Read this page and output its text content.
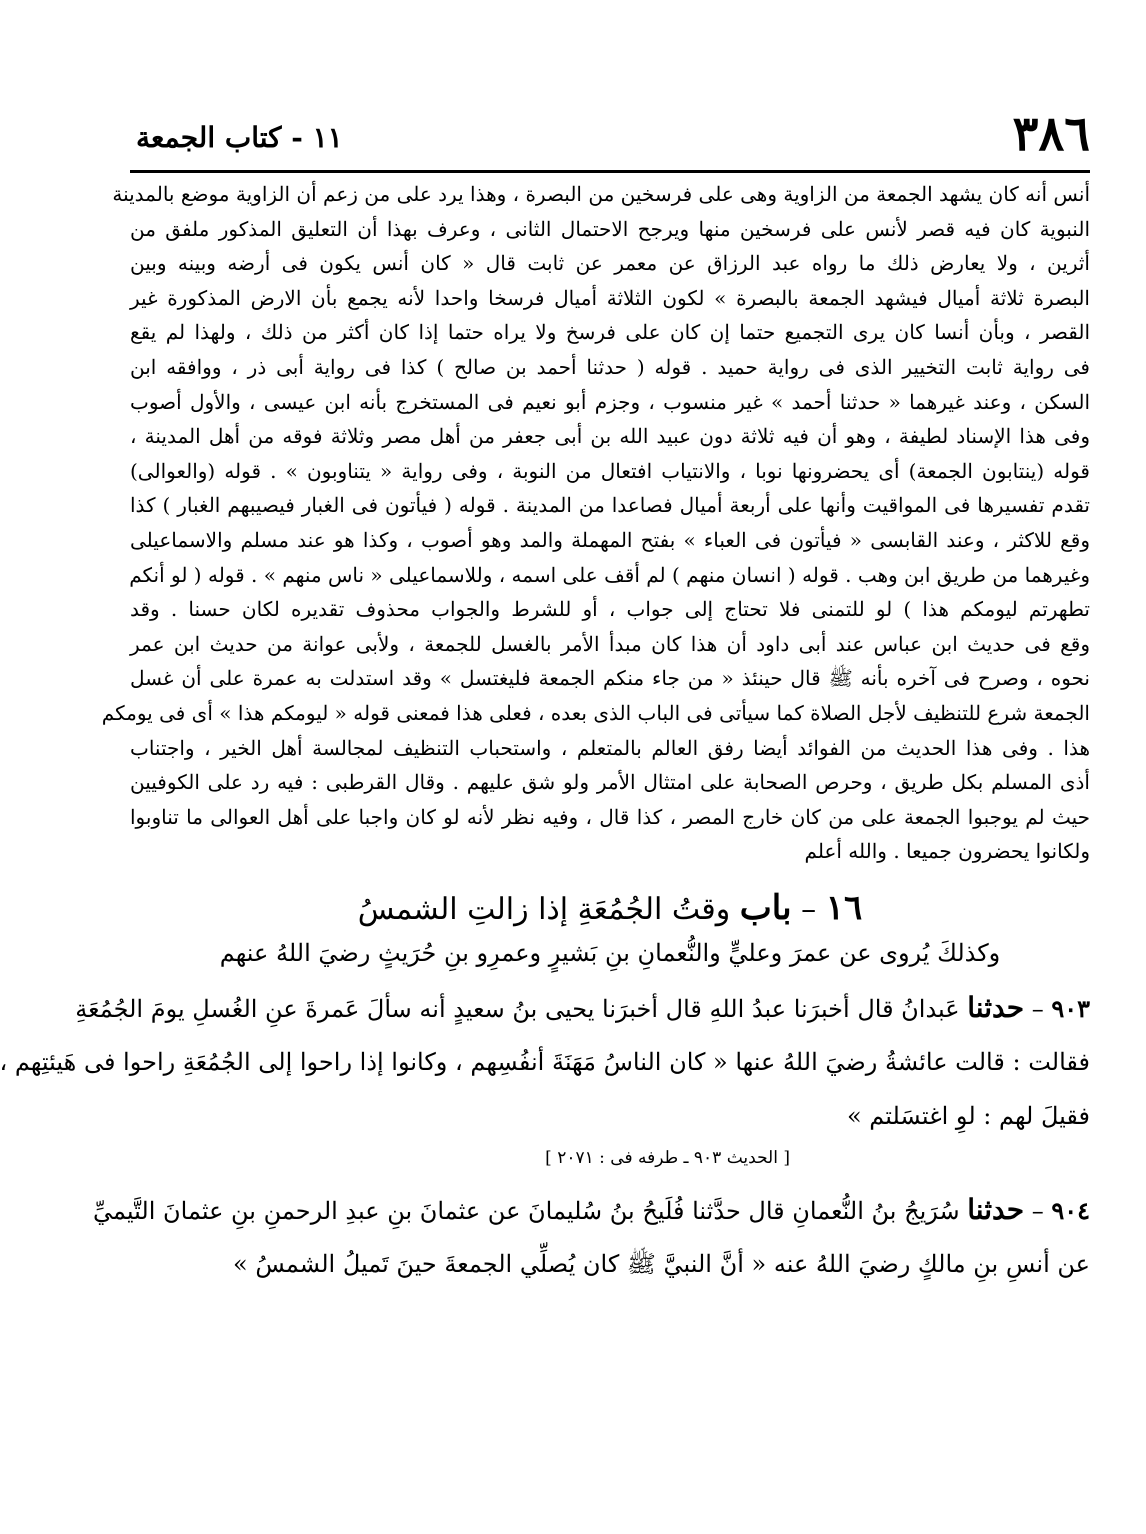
٣٨٦
١١ - كتاب الجمعة
أنس أنه كان يشهد الجمعة من الزاوية وهى على فرسخين من البصرة ، وهذا يرد على من زعم أن الزاوية موضع بالمدينة
النبوية كان فيه قصر لأنس على فرسخين منها ويرجح الاحتمال الثانى ، وعرف بهذا أن التعليق المذكور ملفق من
أثرين ، ولا يعارض ذلك ما رواه عبد الرزاق عن معمر عن ثابت قال « كان أنس يكون فى أرضه وبينه وبين
البصرة ثلاثة أميال فيشهد الجمعة بالبصرة » لكون الثلاثة أميال فرسخا واحدا لأنه يجمع بأن الارض المذكورة غير
القصر ، وبأن أنسا كان يرى التجميع حتما إن كان على فرسخ ولا يراه حتما إذا كان أكثر من ذلك ، ولهذا لم يقع
فى رواية ثابت التخيير الذى فى رواية حميد . قوله ( حدثنا أحمد بن صالح ) كذا فى رواية أبى ذر ، ووافقه ابن
السكن ، وعند غيرهما « حدثنا أحمد » غير منسوب ، وجزم أبو نعيم فى المستخرج بأنه ابن عيسى ، والأول أصوب
وفى هذا الإسناد لطيفة ، وهو أن فيه ثلاثة دون عبيد الله بن أبى جعفر من أهل مصر وثلاثة فوقه من أهل المدينة ،
قوله (ينتابون الجمعة) أى يحضرونها نوبا ، والانتياب افتعال من النوبة ، وفى رواية « يتناوبون » . قوله (والعوالى)
تقدم تفسيرها فى المواقيت وأنها على أربعة أميال فصاعدا من المدينة . قوله ( فيأتون فى الغبار فيصيبهم الغبار ) كذا
وقع للاكثر ، وعند القابسى « فيأتون فى العباء » بفتح المهملة والمد وهو أصوب ، وكذا هو عند مسلم والاسماعيلى
وغيرهما من طريق ابن وهب . قوله ( انسان منهم ) لم أقف على اسمه ، وللاسماعيلى « ناس منهم » . قوله ( لو أنكم
تطهرتم ليومكم هذا ) لو للتمنى فلا تحتاج إلى جواب ، أو للشرط والجواب محذوف تقديره لكان حسنا . وقد
وقع فى حديث ابن عباس عند أبى داود أن هذا كان مبدأ الأمر بالغسل للجمعة ، ولأبى عوانة من حديث ابن عمر
نحوه ، وصرح فى آخره بأنه ﷺ قال حينئذ « من جاء منكم الجمعة فليغتسل » وقد استدلت به عمرة على أن غسل
الجمعة شرع للتنظيف لأجل الصلاة كما سيأتى فى الباب الذى بعده ، فعلى هذا فمعنى قوله « ليومكم هذا » أى فى يومكم
هذا . وفى هذا الحديث من الفوائد أيضا رفق العالم بالمتعلم ، واستحباب التنظيف لمجالسة أهل الخير ، واجتناب
أذى المسلم بكل طريق ، وحرص الصحابة على امتثال الأمر ولو شق عليهم . وقال القرطبى : فيه رد على الكوفيين
حيث لم يوجبوا الجمعة على من كان خارج المصر ، كذا قال ، وفيه نظر لأنه لو كان واجبا على أهل العوالى ما تناوبوا
ولكانوا يحضرون جميعا . والله أعلم
١٦ – باب وقتُ الجُمُعَةِ إذا زالتِ الشمسُ
وكذلكَ يُروى عن عمرَ وعليٍّ والنُّعمانِ بنِ بَشيرٍ وعمرِو بنِ حُرَيثٍ رضيَ اللهُ عنهم
٩٠٣ – حدثنا عَبدانُ قال أخبرَنا عبدُ اللهِ قال أخبرَنا يحيى بنُ سعيدٍ أنه سألَ عَمرةَ عنِ الغُسلِ يومَ الجُمُعَةِ
فقالت : قالت عائشةُ رضيَ اللهُ عنها « كان الناسُ مَهَنَةَ أنفُسِهم ، وكانوا إذا راحوا إلى الجُمُعَةِ راحوا فى هَيئتِهم ،
فقيلَ لهم : لوِ اغتسَلتم »
[ الحديث ٩٠٣ ـ طرفه فى : ٢٠٧١ ]
٩٠٤ – حدثنا سُرَيجُ بنُ النُّعمانِ قال حدَّثنا فُلَيحُ بنُ سُليمانَ عن عثمانَ بنِ عبدِ الرحمنِ بنِ عثمانَ التَّيميِّ
عن أنسِ بنِ مالكٍ رضيَ اللهُ عنه « أنَّ النبيَّ ﷺ كان يُصلِّي الجمعةَ حينَ تَميلُ الشمسُ »
